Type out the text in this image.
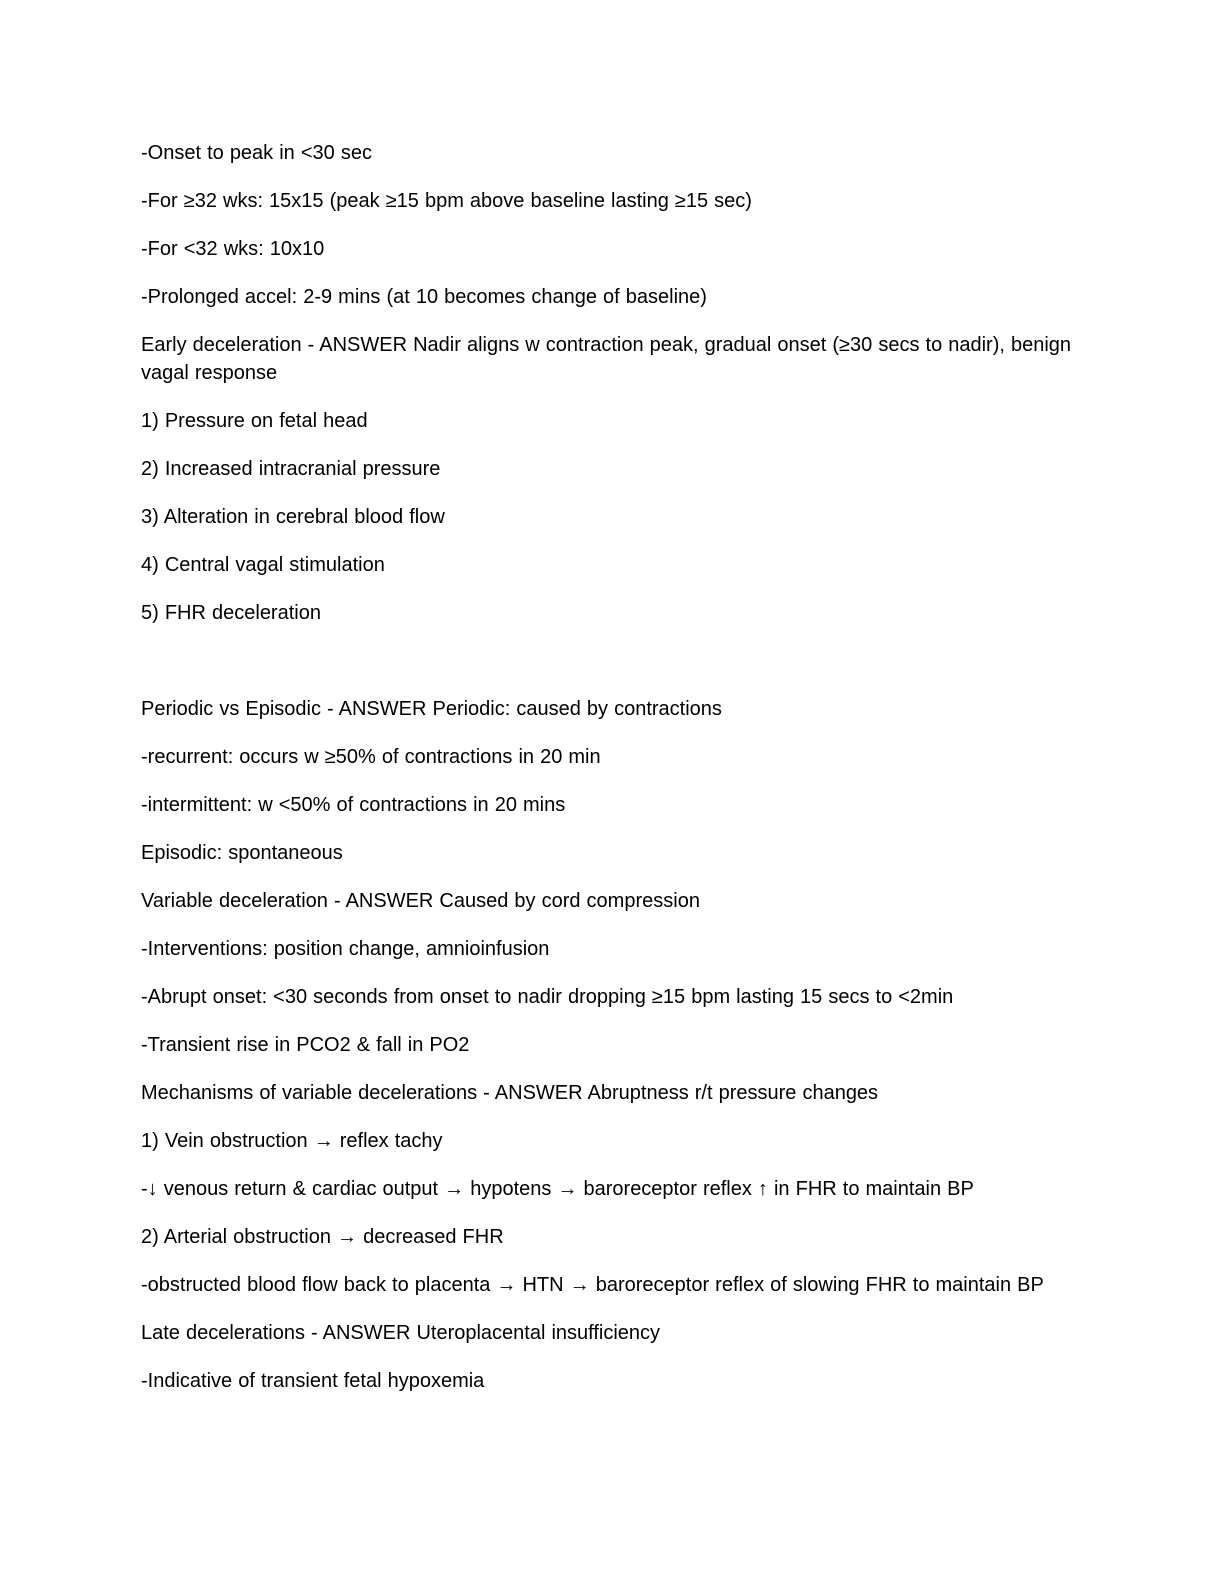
-Onset to peak in <30 sec

-For ≥32 wks: 15x15 (peak ≥15 bpm above baseline lasting ≥15 sec)

-For <32 wks: 10x10

-Prolonged accel: 2-9 mins (at 10 becomes change of baseline)

Early deceleration - ANSWER Nadir aligns w contraction peak, gradual onset (≥30 secs to nadir), benign vagal response

1) Pressure on fetal head

2) Increased intracranial pressure

3) Alteration in cerebral blood flow

4) Central vagal stimulation

5) FHR deceleration

Periodic vs Episodic - ANSWER Periodic: caused by contractions

-recurrent: occurs w ≥50% of contractions in 20 min

-intermittent: w <50% of contractions in 20 mins

Episodic: spontaneous

Variable deceleration - ANSWER Caused by cord compression

-Interventions: position change, amnioinfusion

-Abrupt onset: <30 seconds from onset to nadir dropping ≥15 bpm lasting 15 secs to <2min

-Transient rise in PCO2 & fall in PO2

Mechanisms of variable decelerations - ANSWER Abruptness r/t pressure changes

1) Vein obstruction → reflex tachy

-↓ venous return & cardiac output → hypotens → baroreceptor reflex ↑ in FHR to maintain BP

2) Arterial obstruction → decreased FHR

-obstructed blood flow back to placenta → HTN → baroreceptor reflex of slowing FHR to maintain BP

Late decelerations - ANSWER Uteroplacental insufficiency

-Indicative of transient fetal hypoxemia
